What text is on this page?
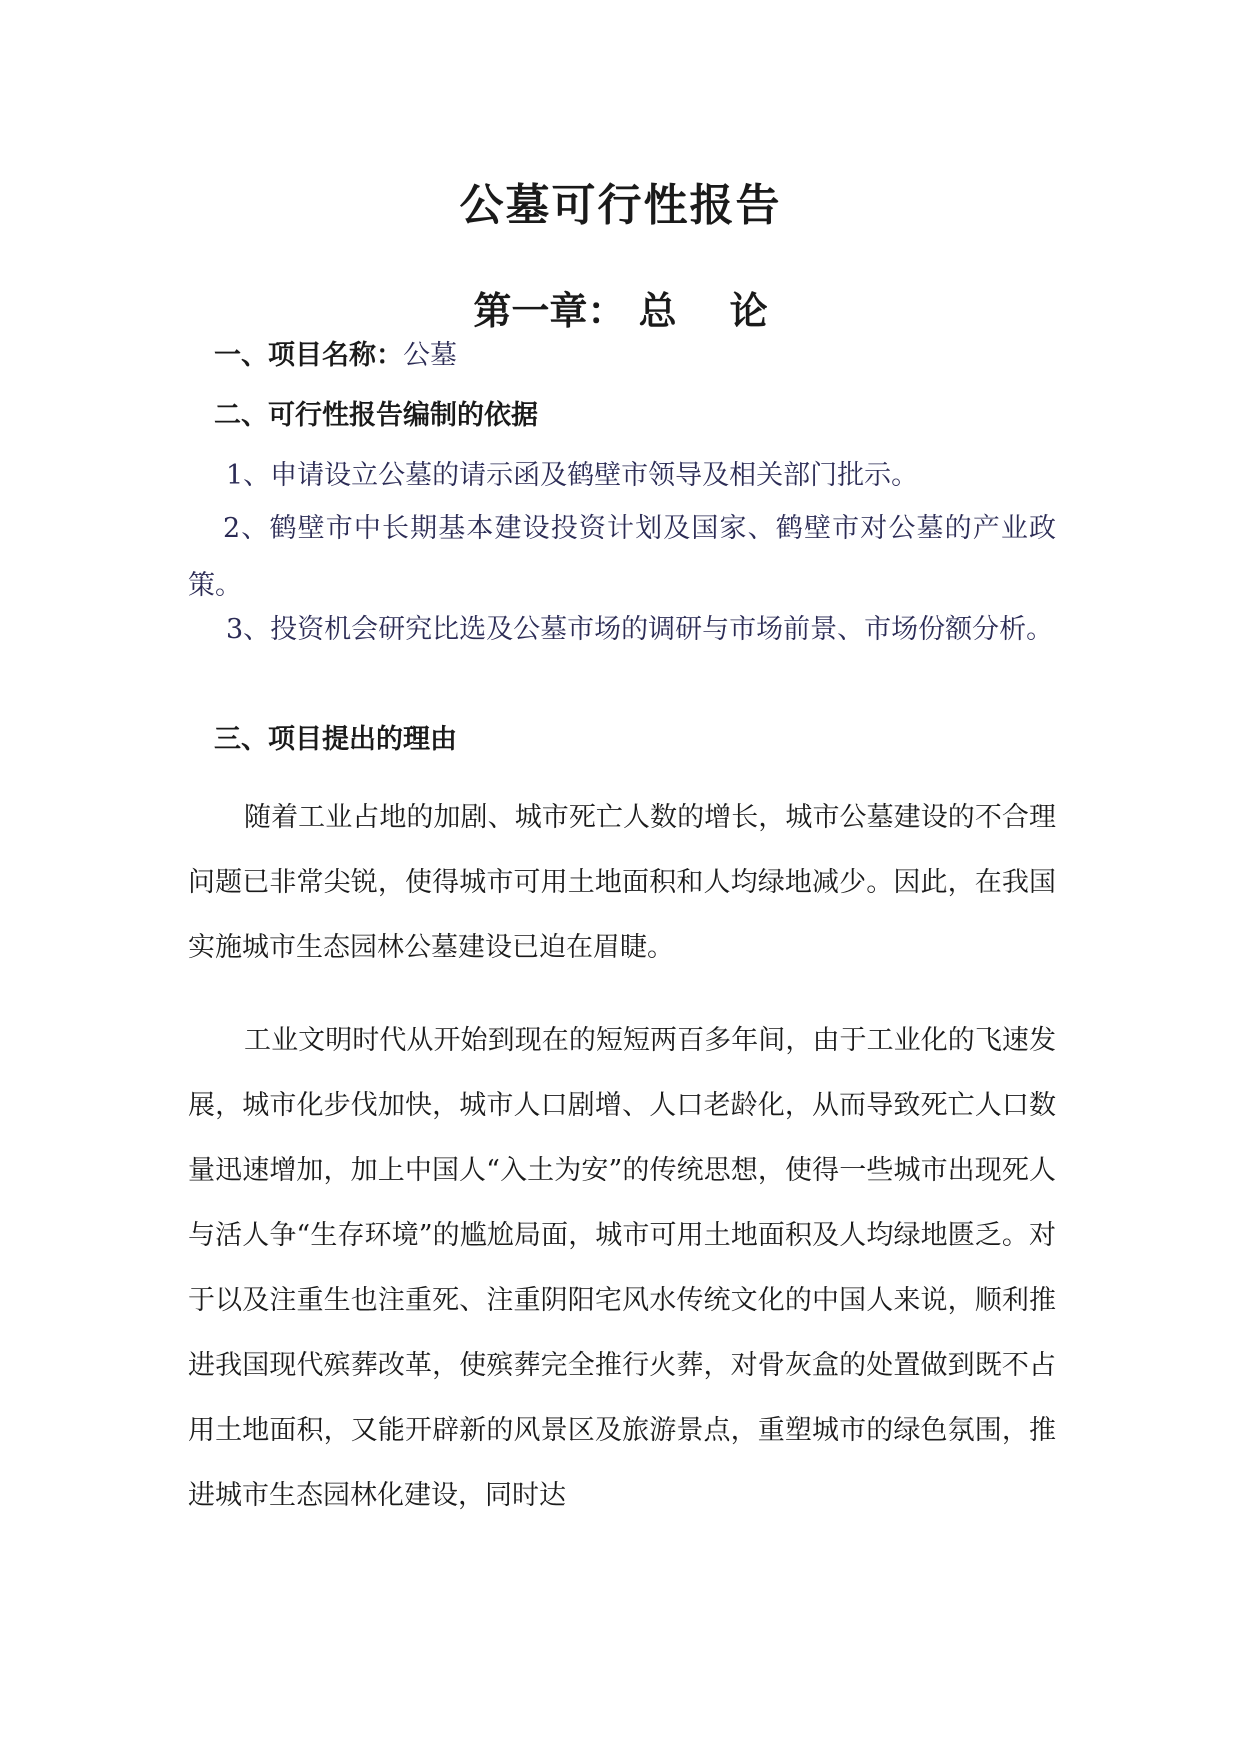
公墓可行性报告
第一章： 总    论
一、项目名称：公墓
二、可行性报告编制的依据

1、申请设立公墓的请示函及鹤壁市领导及相关部门批示。

2、鹤壁市中长期基本建设投资计划及国家、鹤壁市对公墓的产业政策。

3、投资机会研究比选及公墓市场的调研与市场前景、市场份额分析。

三、项目提出的理由

随着工业占地的加剧、城市死亡人数的增长，城市公墓建设的不合理问题已非常尖锐，使得城市可用土地面积和人均绿地减少。因此，在我国实施城市生态园林公墓建设已迫在眉睫。

工业文明时代从开始到现在的短短两百多年间，由于工业化的飞速发展，城市化步伐加快，城市人口剧增、人口老龄化，从而导致死亡人口数量迅速增加，加上中国人“入土为安”的传统思想，使得一些城市出现死人与活人争“生存环境”的尴尬局面，城市可用土地面积及人均绿地匮乏。对于以及注重生也注重死、注重阴阳宅风水传统文化的中国人来说，顺利推进我国现代殡葬改革，使殡葬完全推行火葬，对骨灰盒的处置做到既不占用土地面积，又能开辟新的风景区及旅游景点，重塑城市的绿色氛围，推进城市生态园林化建设，同时达
